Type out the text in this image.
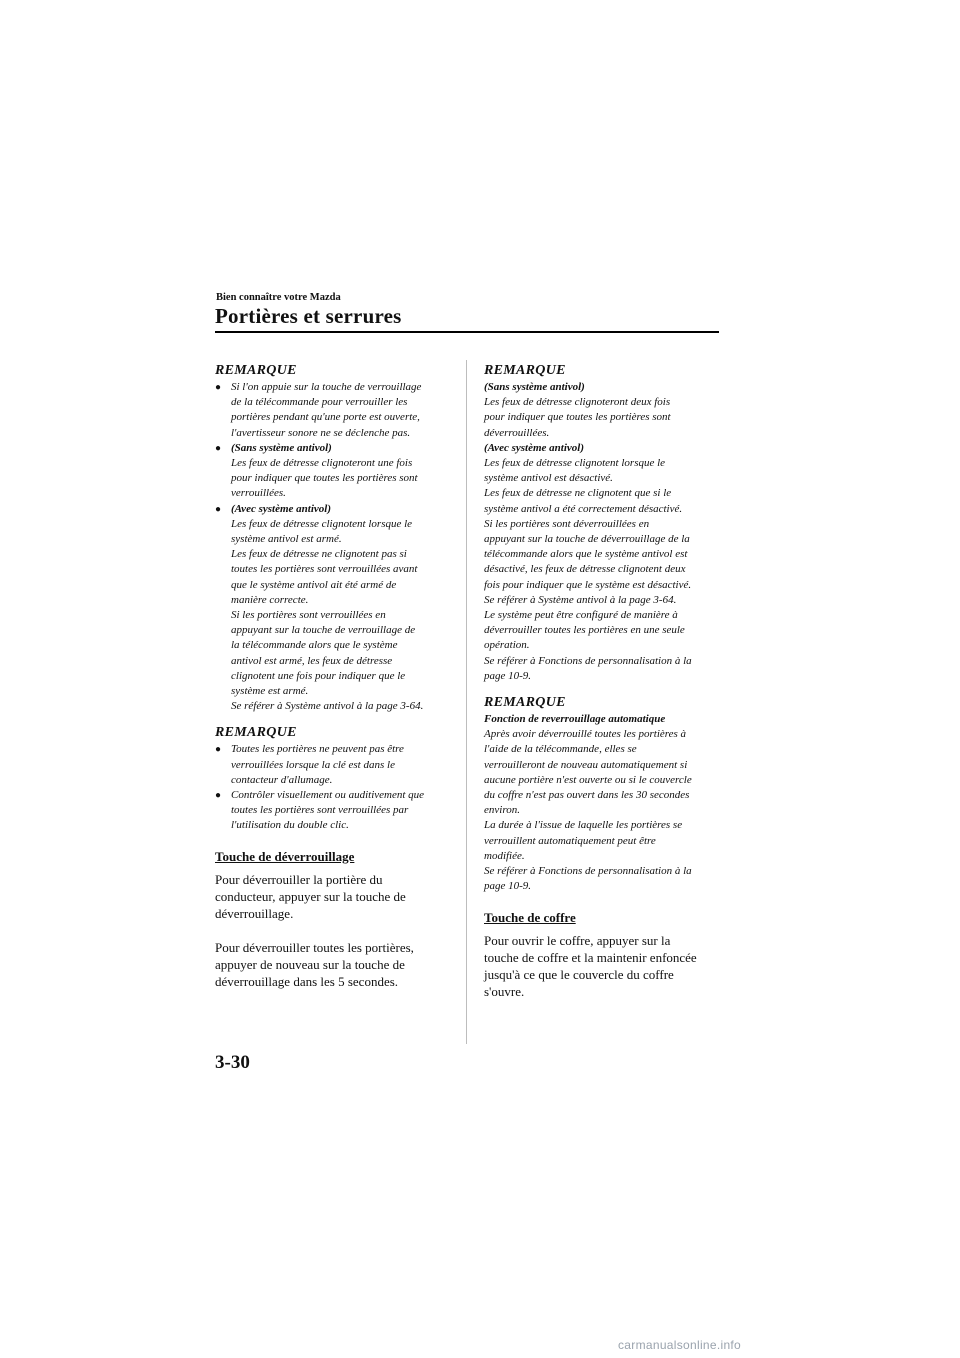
Bien connaître votre Mazda
Portières et serrures
REMARQUE
● Si l'on appuie sur la touche de verrouillage
de la télécommande pour verrouiller les
portières pendant qu'une porte est ouverte,
l'avertisseur sonore ne se déclenche pas.
● (Sans système antivol)
Les feux de détresse clignoteront une fois
pour indiquer que toutes les portières sont
verrouillées.
● (Avec système antivol)
Les feux de détresse clignotent lorsque le
système antivol est armé.
Les feux de détresse ne clignotent pas si
toutes les portières sont verrouillées avant
que le système antivol ait été armé de
manière correcte.
Si les portières sont verrouillées en
appuyant sur la touche de verrouillage de
la télécommande alors que le système
antivol est armé, les feux de détresse
clignotent une fois pour indiquer que le
système est armé.
Se référer à Système antivol à la page 3-64.
REMARQUE
● Toutes les portières ne peuvent pas être
verrouillées lorsque la clé est dans le
contacteur d'allumage.
● Contrôler visuellement ou auditivement que
toutes les portières sont verrouillées par
l'utilisation du double clic.
Touche de déverrouillage
Pour déverrouiller la portière du
conducteur, appuyer sur la touche de
déverrouillage.
Pour déverrouiller toutes les portières,
appuyer de nouveau sur la touche de
déverrouillage dans les 5 secondes.
REMARQUE
(Sans système antivol)
Les feux de détresse clignoteront deux fois
pour indiquer que toutes les portières sont
déverrouillées.
(Avec système antivol)
Les feux de détresse clignotent lorsque le
système antivol est désactivé.
Les feux de détresse ne clignotent que si le
système antivol a été correctement désactivé.
Si les portières sont déverrouillées en
appuyant sur la touche de déverrouillage de la
télécommande alors que le système antivol est
désactivé, les feux de détresse clignotent deux
fois pour indiquer que le système est désactivé.
Se référer à Système antivol à la page 3-64.
Le système peut être configuré de manière à
déverrouiller toutes les portières en une seule
opération.
Se référer à Fonctions de personnalisation à la
page 10-9.
REMARQUE
Fonction de reverrouillage automatique
Après avoir déverrouillé toutes les portières à
l'aide de la télécommande, elles se
verrouilleront de nouveau automatiquement si
aucune portière n'est ouverte ou si le couvercle
du coffre n'est pas ouvert dans les 30 secondes
environ.
La durée à l'issue de laquelle les portières se
verrouillent automatiquement peut être
modifiée.
Se référer à Fonctions de personnalisation à la
page 10-9.
Touche de coffre
Pour ouvrir le coffre, appuyer sur la
touche de coffre et la maintenir enfoncée
jusqu'à ce que le couvercle du coffre
s'ouvre.
3-30
carmanualsonline.info
